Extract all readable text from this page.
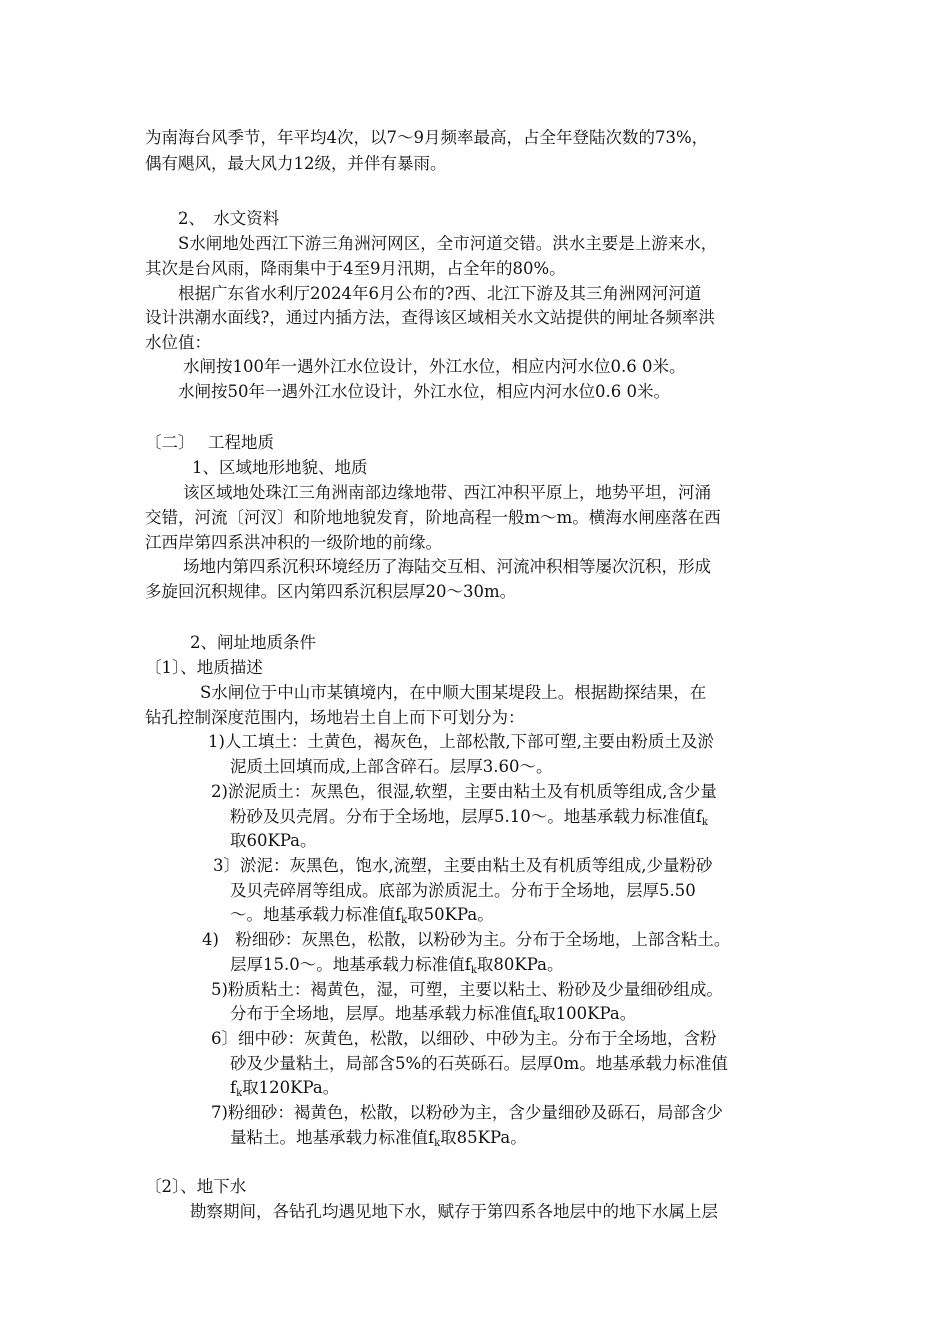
为南海台风季节，年平均4次，以7～9月频率最高，占全年登陆次数的73%，

偶有飓风，最大风力12级，并伴有暴雨。

2、　水文资料

S水闸地处西江下游三角洲河网区，全市河道交错。洪水主要是上游来水，

其次是台风雨，降雨集中于4至9月汛期，占全年的80%。

根据广东省水利厅2024年6月公布的?西、北江下游及其三角洲网河河道

设计洪潮水面线?，通过内插方法，查得该区域相关水文站提供的闸址各频率洪

水位值：

水闸按100年一遇外江水位设计，外江水位，相应内河水位0.6 0米。

水闸按50年一遇外江水位设计，外江水位，相应内河水位0.6 0米。

〔二〕　 工程地质

1、区域地形地貌、地质

该区域地处珠江三角洲南部边缘地带、西江冲积平原上，地势平坦，河涌

交错，河流〔河汊〕和阶地地貌发育，阶地高程一般m～m。横海水闸座落在西

江西岸第四系洪冲积的一级阶地的前缘。

场地内第四系沉积环境经历了海陆交互相、河流冲积相等屡次沉积，形成

多旋回沉积规律。区内第四系沉积层厚20～30m。

2、闸址地质条件

〔1〕、地质描述

S水闸位于中山市某镇境内，在中顺大围某堤段上。根据勘探结果，在

钻孔控制深度范围内，场地岩土自上而下可划分为：

1)人工填土：土黄色，褐灰色，上部松散,下部可塑,主要由粉质土及淤

泥质土回填而成,上部含碎石。层厚3.60～。

2)淤泥质土：灰黑色，很湿,软塑，主要由粘土及有机质等组成,含少量

粉砂及贝壳屑。分布于全场地，层厚5.10～。地基承载力标准值$f_k$

取60KPa。

3〕淤泥：灰黑色，饱水,流塑，主要由粘土及有机质等组成,少量粉砂

及贝壳碎屑等组成。底部为淤质泥土。分布于全场地，层厚5.50

～。地基承载力标准值$f_k$取50KPa。

4)　粉细砂：灰黑色，松散，以粉砂为主。分布于全场地，上部含粘土。

层厚15.0～。地基承载力标准值$f_k$取80KPa。

5)粉质粘土：褐黄色，湿，可塑，主要以粘土、粉砂及少量细砂组成。

分布于全场地，层厚。地基承载力标准值$f_k$取100KPa。

6〕细中砂：灰黄色，松散，以细砂、中砂为主。分布于全场地，含粉

砂及少量粘土，局部含5%的石英砾石。层厚0m。地基承载力标准值

$f_k$取120KPa。

7)粉细砂：褐黄色，松散，以粉砂为主，含少量细砂及砾石，局部含少

量粘土。地基承载力标准值$f_k$取85KPa。

〔2〕、地下水

勘察期间，各钻孔均遇见地下水，赋存于第四系各地层中的地下水属上层
